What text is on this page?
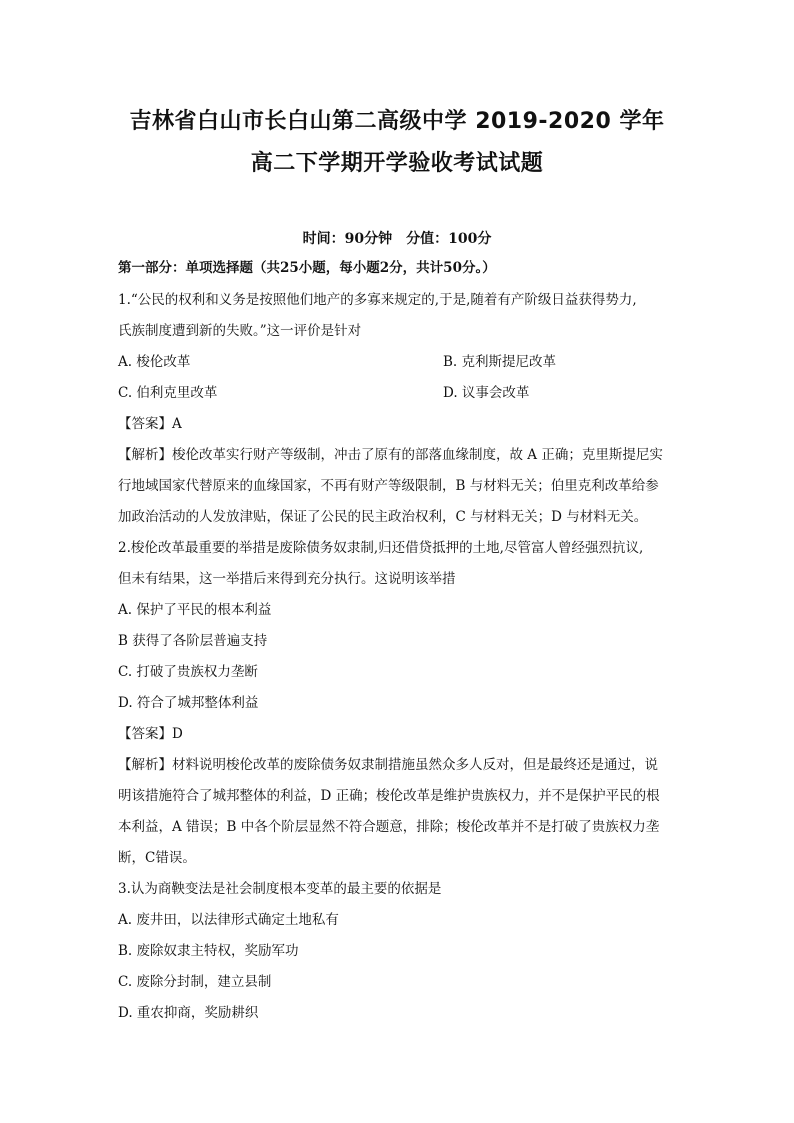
吉林省白山市长白山第二高级中学 2019-2020 学年
高二下学期开学验收考试试题
时间：90分钟 分值：100分
第一部分：单项选择题（共25小题，每小题2分，共计50分。）
1.“公民的权利和义务是按照他们地产的多寡来规定的,于是,随着有产阶级日益获得势力,
氏族制度遭到新的失败。”这一评价是针对
A. 梭伦改革	B. 克利斯提尼改革
C. 伯利克里改革	D. 议事会改革
【答案】A
【解析】梭伦改革实行财产等级制，冲击了原有的部落血缘制度，故 A 正确；克里斯提尼实
行地域国家代替原来的血缘国家，不再有财产等级限制，B 与材料无关；伯里克利改革给参
加政治活动的人发放津贴，保证了公民的民主政治权利，C 与材料无关；D 与材料无关。
2.梭伦改革最重要的举措是废除债务奴隶制,归还借贷抵押的土地,尽管富人曾经强烈抗议,
但未有结果，这一举措后来得到充分执行。这说明该举措
A. 保护了平民的根本利益
B 获得了各阶层普遍支持
C. 打破了贵族权力垄断
D. 符合了城邦整体利益
【答案】D
【解析】材料说明梭伦改革的废除债务奴隶制措施虽然众多人反对，但是最终还是通过，说
明该措施符合了城邦整体的利益，D 正确；梭伦改革是维护贵族权力，并不是保护平民的根
本利益，A 错误；B 中各个阶层显然不符合题意，排除；梭伦改革并不是打破了贵族权力垄
断，C错误。
3.认为商鞅变法是社会制度根本变革的最主要的依据是
A. 废井田，以法律形式确定土地私有
B. 废除奴隶主特权，奖励军功
C. 废除分封制，建立县制
D. 重农抑商，奖励耕织
